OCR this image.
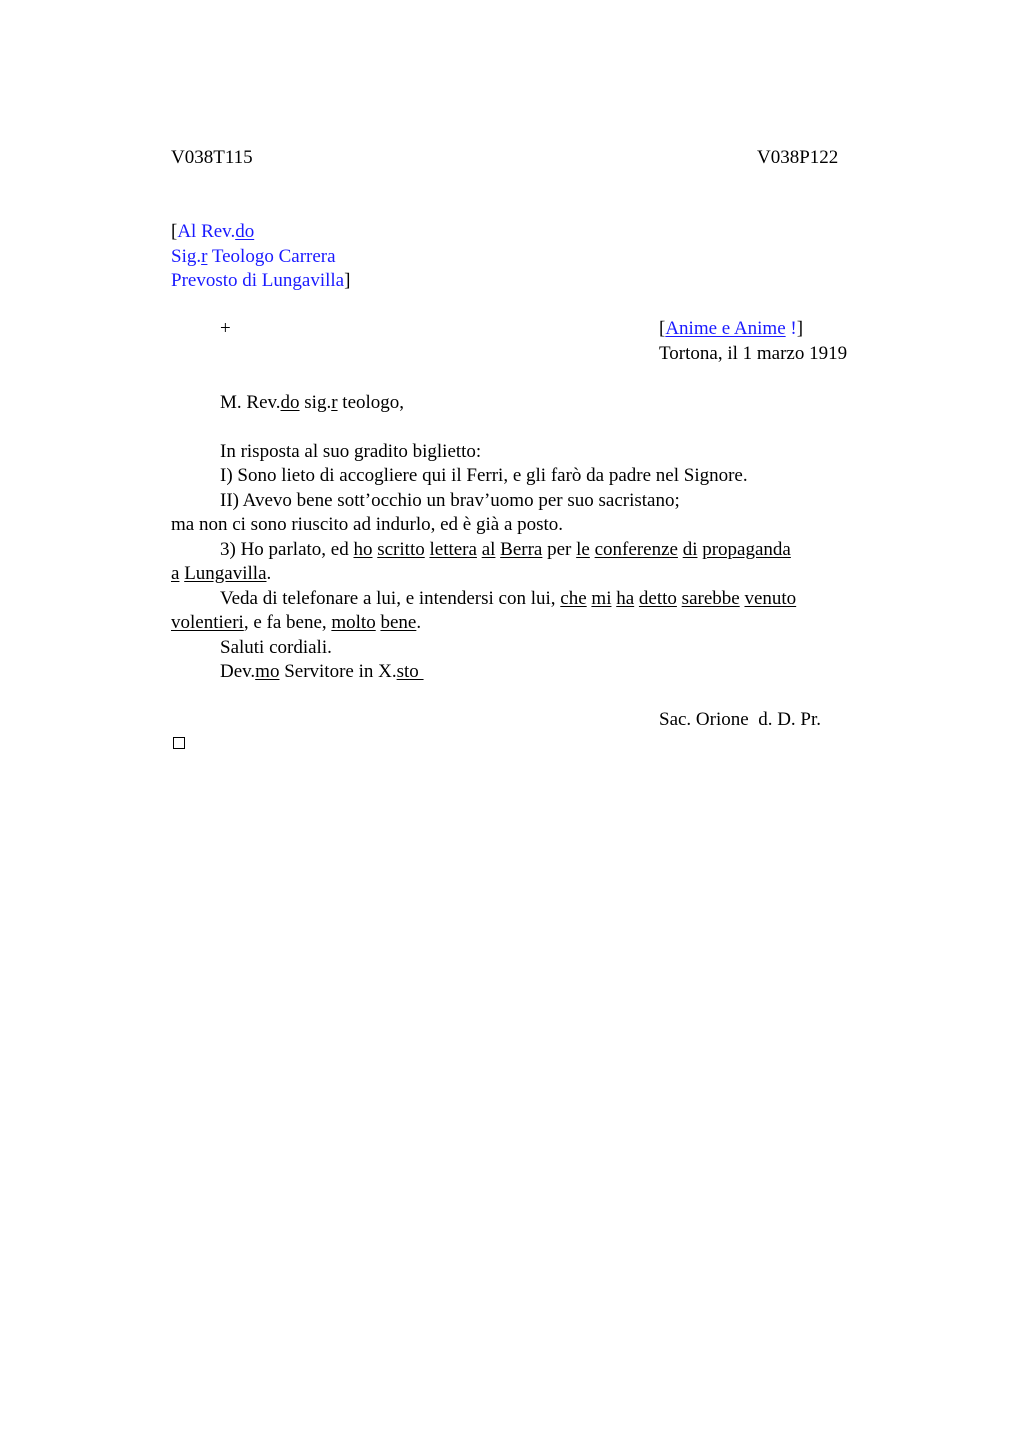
V038T115	V038P122
[Al Rev.do
Sig.r Teologo Carrera
Prevosto di Lungavilla]
+	[Anime e Anime !]
Tortona, il 1 marzo 1919
M. Rev.do sig.r teologo,
In risposta al suo gradito biglietto:
I) Sono lieto di accogliere qui il Ferri, e gli farò da padre nel Signore.
II) Avevo bene sott’occhio un brav’uomo per suo sacristano;
ma non ci sono riuscito ad indurlo, ed è già a posto.
3) Ho parlato, ed ho scritto lettera al Berra per le conferenze di propaganda
a Lungavilla.
Veda di telefonare a lui, e intendersi con lui, che mi ha detto sarebbe venuto
volentieri, e fa bene, molto bene.
Saluti cordiali.
Dev.mo Servitore in X.sto
Sac. Orione  d. D. Pr.
